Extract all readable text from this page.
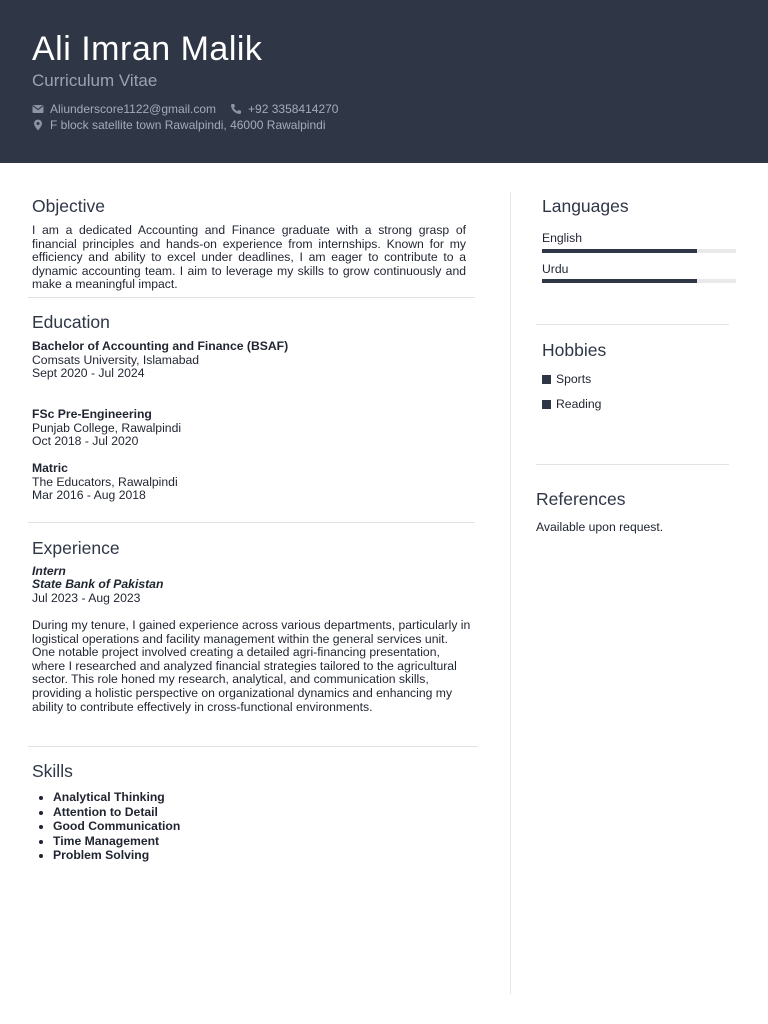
Ali Imran Malik
Curriculum Vitae
Aliunderscore1122@gmail.com	+92 3358414270
F block satellite town Rawalpindi, 46000 Rawalpindi
Objective
I am a dedicated Accounting and Finance graduate with a strong grasp of financial principles and hands-on experience from internships. Known for my efficiency and ability to excel under deadlines, I am eager to contribute to a dynamic accounting team. I aim to leverage my skills to grow continuously and make a meaningful impact.
Education
Bachelor of Accounting and Finance (BSAF)
Comsats University, Islamabad
Sept 2020 - Jul 2024
FSc Pre-Engineering
Punjab College, Rawalpindi
Oct 2018 - Jul 2020
Matric
The Educators, Rawalpindi
Mar 2016 - Aug 2018
Experience
Intern
State Bank of Pakistan
Jul 2023 - Aug 2023
During my tenure, I gained experience across various departments, particularly in logistical operations and facility management within the general services unit. One notable project involved creating a detailed agri-financing presentation, where I researched and analyzed financial strategies tailored to the agricultural sector. This role honed my research, analytical, and communication skills, providing a holistic perspective on organizational dynamics and enhancing my ability to contribute effectively in cross-functional environments.
Skills
• Analytical Thinking
• Attention to Detail
• Good Communication
• Time Management
• Problem Solving
Languages
English
Urdu
Hobbies
Sports
Reading
References
Available upon request.
